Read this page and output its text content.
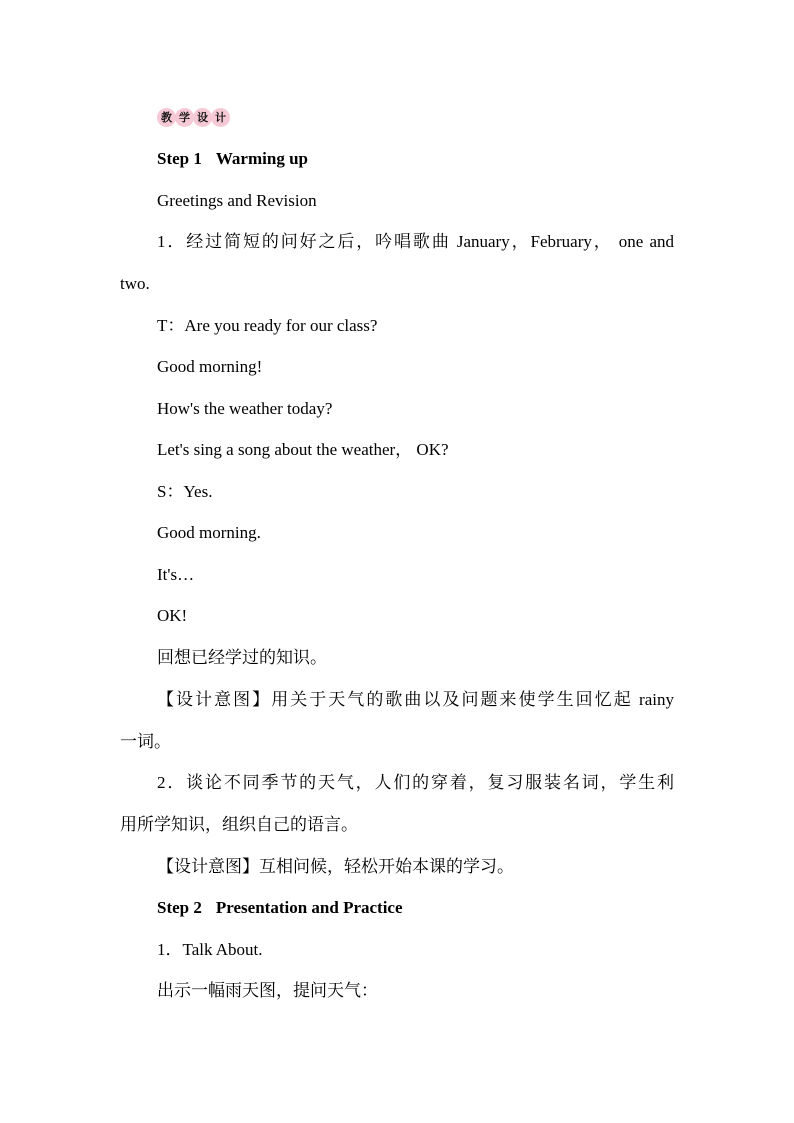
教 学 设 计
Step 1 Warming up
Greetings and Revision
1．经过简短的问好之后，吟唱歌曲 January，February， one and
two.
T：Are you ready for our class?
Good morning!
How's the weather today?
Let's sing a song about the weather， OK?
S：Yes.
Good morning.
It's…
OK!
回想已经学过的知识。
【设计意图】用关于天气的歌曲以及问题来使学生回忆起 rainy
一词。
2．谈论不同季节的天气，人们的穿着，复习服装名词，学生利
用所学知识，组织自己的语言。
【设计意图】互相问候，轻松开始本课的学习。
Step 2 Presentation and Practice
1．Talk About.
出示一幅雨天图，提问天气：
